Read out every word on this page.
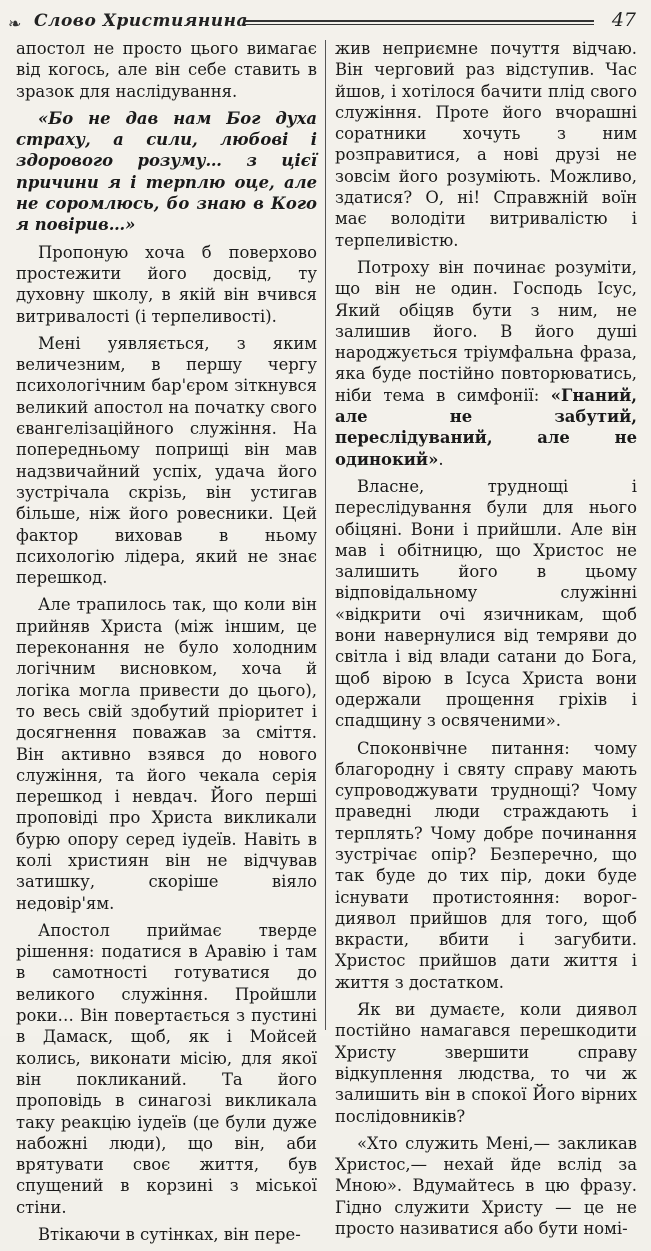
❧ Слово Християнина	47

апостол не просто цього вимагає від когось, але він себе ставить в зразок для наслідування.

«Бо не дав нам Бог духа страху, а сили, любові і здорового розуму… з цієї причини я і терплю оце, але не соромлюсь, бо знаю в Кого я повірив…»

Пропоную хоча б поверхово простежити його досвід, ту духовну школу, в якій він вчився витривалості (і терпеливості).

Мені уявляється, з яким величезним, в першу чергу психологічним бар'єром зіткнувся великий апостол на початку свого євангелізаційного служіння. На попередньому поприщі він мав надзвичайний успіх, удача його зустрічала скрізь, він устигав більше, ніж його ровесники. Цей фактор виховав в ньому психологію лідера, який не знає перешкод.

Але трапилось так, що коли він прийняв Христа (між іншим, це переконання не було холодним логічним висновком, хоча й логіка могла привести до цього), то весь свій здобутий пріоритет і досягнення поважав за сміття. Він активно взявся до нового служіння, та його чекала серія перешкод і невдач. Його перші проповіді про Христа викликали бурю опору серед іудеїв. Навіть в колі християн він не відчував затишку, скоріше віяло недовір'ям.

Апостол приймає тверде рішення: податися в Аравію і там в самотності готуватися до великого служіння. Пройшли роки… Він повертається з пустині в Дамаск, щоб, як і Мойсей колись, виконати місію, для якої він покликаний. Та його проповідь в синагозі викликала таку реакцію іудеїв (це були дуже набожні люди), що він, аби врятувати своє життя, був спущений в корзині з міської стіни.

Втікаючи в сутінках, він пере-

жив неприємне почуття відчаю. Він черговий раз відступив. Час йшов, і хотілося бачити плід свого служіння. Проте його вчорашні соратники хочуть з ним розправитися, а нові друзі не зовсім його розуміють. Можливо, здатися? О, ні! Справжній воїн має володіти витривалістю і терпеливістю.

Потроху він починає розуміти, що він не один. Господь Ісус, Який обіцяв бути з ним, не залишив його. В його душі народжується тріумфальна фраза, яка буде постійно повторюватись, ніби тема в симфонії: «Гнаний, але не забутий, переслідуваний, але не одинокий».

Власне, труднощі і переслідування були для нього обіцяні. Вони і прийшли. Але він мав і обітницю, що Христос не залишить його в цьому відповідальному служінні «відкрити очі язичникам, щоб вони навернулися від темряви до світла і від влади сатани до Бога, щоб вірою в Ісуса Христа вони одержали прощення гріхів і спадщину з освяченими».

Споконвічне питання: чому благородну і святу справу мають супроводжувати труднощі? Чому праведні люди страждають і терплять? Чому добре починання зустрічає опір? Безперечно, що так буде до тих пір, доки буде існувати протистояння: ворог-диявол прийшов для того, щоб вкрасти, вбити і загубити. Христос прийшов дати життя і життя з достатком.

Як ви думаєте, коли диявол постійно намагався перешкодити Христу звершити справу відкуплення людства, то чи ж залишить він в спокої Його вірних послідовників?

«Хто служить Мені,— закликав Христос,— нехай йде вслід за Мною». Вдумайтесь в цю фразу. Гідно служити Христу — це не просто називатися або бути номі-
